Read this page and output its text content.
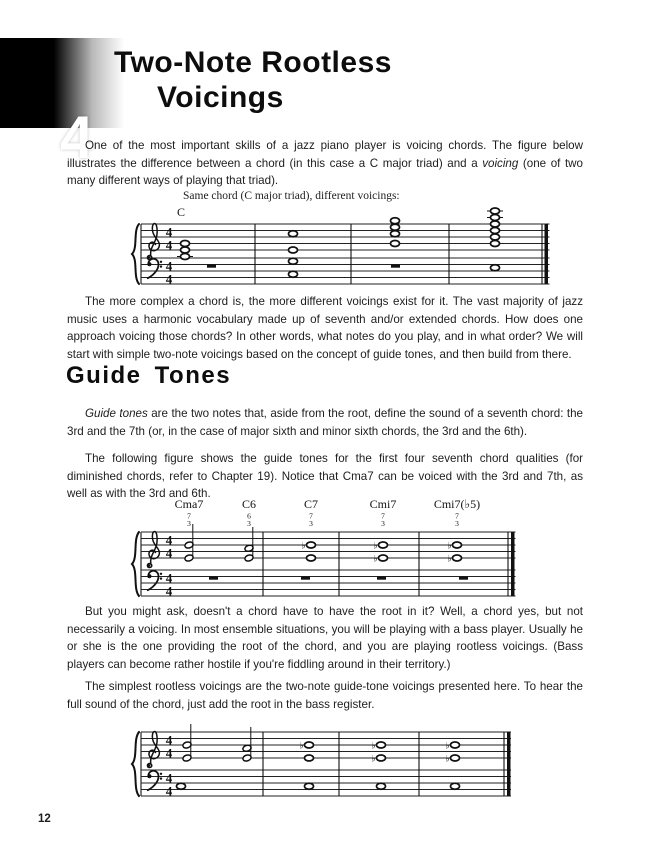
4
Two-Note Rootless
Voicings

One of the most important skills of a jazz piano player is voicing chords. The figure below illustrates the difference between a chord (in this case a C major triad) and a voicing (one of two many different ways of playing that triad).

Same chord (C major triad), different voicings:
4
4
4
4
C

The more complex a chord is, the more different voicings exist for it. The vast majority of jazz music uses a harmonic vocabulary made up of seventh and/or extended chords. How does one approach voicing those chords? In other words, what notes do you play, and in what order? We will start with simple two-note voicings based on the concept of guide tones, and then build from there.

Guide Tones

Guide tones are the two notes that, aside from the root, define the sound of a seventh chord: the 3rd and the 7th (or, in the case of major sixth and minor sixth chords, the 3rd and the 6th).

The following figure shows the guide tones for the first four seventh chord qualities (for diminished chords, refer to Chapter 19). Notice that Cma7 can be voiced with the 3rd and 7th, as well as with the 3rd and 6th.

Cma7	C6	C7	Cmi7	Cmi7(♭5)
7
3
6
3
7
3
7
3
7
3
4
4
4
4
♭	♭
♭
♭
♭

But you might ask, doesn't a chord have to have the root in it? Well, a chord yes, but not necessarily a voicing. In most ensemble situations, you will be playing with a bass player. Usually he or she is the one providing the root of the chord, and you are playing rootless voicings. (Bass players can become rather hostile if you're fiddling around in their territory.)

The simplest rootless voicings are the two-note guide-tone voicings presented here. To hear the full sound of the chord, just add the root in the bass register.

4
4
4
4
♭	♭
♭
♭
♭
12
